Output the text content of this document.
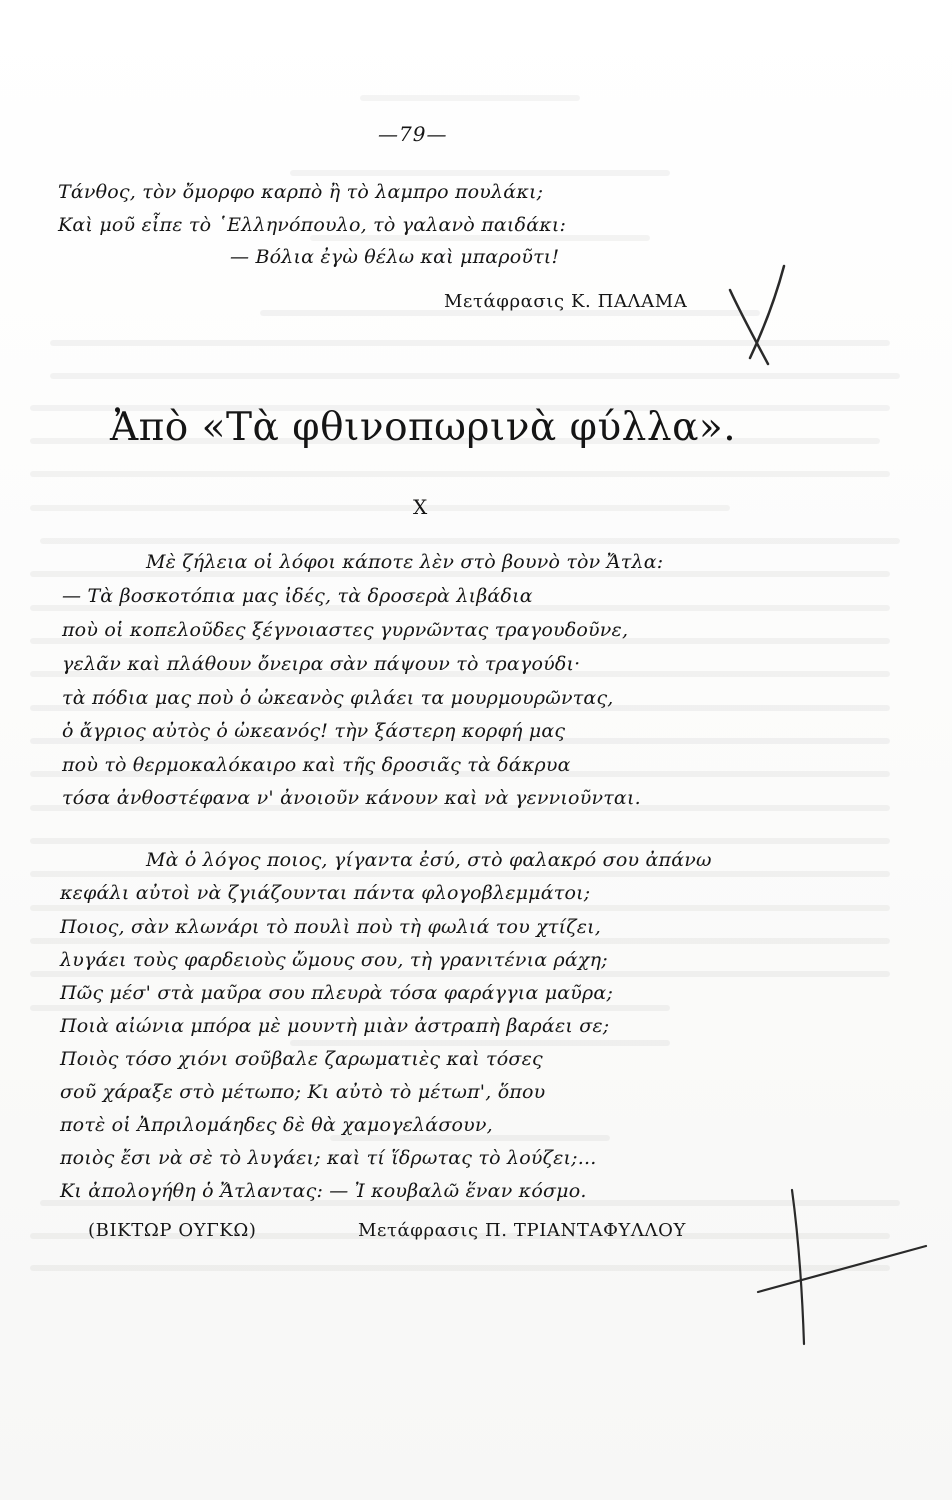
—79—
Τάνθος, τὸν ὄμορφο καρπὸ ἢ τὸ λαμπρο πουλάκι;
Καὶ μοῦ εἶπε τὸ ῾Ελληνόπουλο, τὸ γαλανὸ παιδάκι:
— Βόλια ἐγὼ θέλω καὶ μπαροῦτι!
Μετάφρασις Κ. ΠΑΛΑΜΑ
Ἀπὸ «Τὰ φθινοπωρινὰ φύλλα».
Χ
Μὲ ζήλεια οἱ λόφοι κάποτε λὲν στὸ βουνὸ τὸν Ἄτλα:
— Τὰ βοσκοτόπια μας ἰδές, τὰ δροσερὰ λιβάδια
ποὺ οἱ κοπελοῦδες ξέγνοιαστες γυρνῶντας τραγουδοῦνε,
γελᾶν καὶ πλάθουν ὄνειρα σὰν πάψουν τὸ τραγούδι·
τὰ πόδια μας ποὺ ὁ ὠκεανὸς φιλάει τα μουρμουρῶντας,
ὁ ἄγριος αὐτὸς ὁ ὠκεανός! τὴν ξάστερη κορφή μας
ποὺ τὸ θερμοκαλόκαιρο καὶ τῆς δροσιᾶς τὰ δάκρυα
τόσα ἀνθοστέφανα ν' ἀνοιοῦν κάνουν καὶ νὰ γεννιοῦνται.
Μὰ ὁ λόγος ποιος, γίγαντα ἐσύ, στὸ φαλακρό σου ἀπάνω
κεφάλι αὐτοὶ νὰ ζγιάζουνται πάντα φλογοβλεμμάτοι;
Ποιος, σὰν κλωνάρι τὸ πουλὶ ποὺ τὴ φωλιά του χτίζει,
λυγάει τοὺς φαρδειοὺς ὤμους σου, τὴ γρανιτένια ράχη;
Πῶς μέσ' στὰ μαῦρα σου πλευρὰ τόσα φαράγγια μαῦρα;
Ποιὰ αἰώνια μπόρα μὲ μουντὴ μιὰν ἀστραπὴ βαράει σε;
Ποιὸς τόσο χιόνι σοῦβαλε ζαρωματιὲς καὶ τόσες
σοῦ χάραξε στὸ μέτωπο; Κι αὐτὸ τὸ μέτωπ', ὅπου
ποτὲ οἱ Ἀπριλομάηδες δὲ θὰ χαμογελάσουν,
ποιὸς ἔσι νὰ σὲ τὸ λυγάει; καὶ τί ἵδρωτας τὸ λούζει;...
Κι ἀπολογήθη ὁ Ἄτλαντας: — Ἰ κουβαλῶ ἕναν κόσμο.
(ΒΙΚΤΩΡ ΟΥΓΚΩ)	Μετάφρασις Π. ΤΡΙΑΝΤΑΦΥΛΛΟΥ
